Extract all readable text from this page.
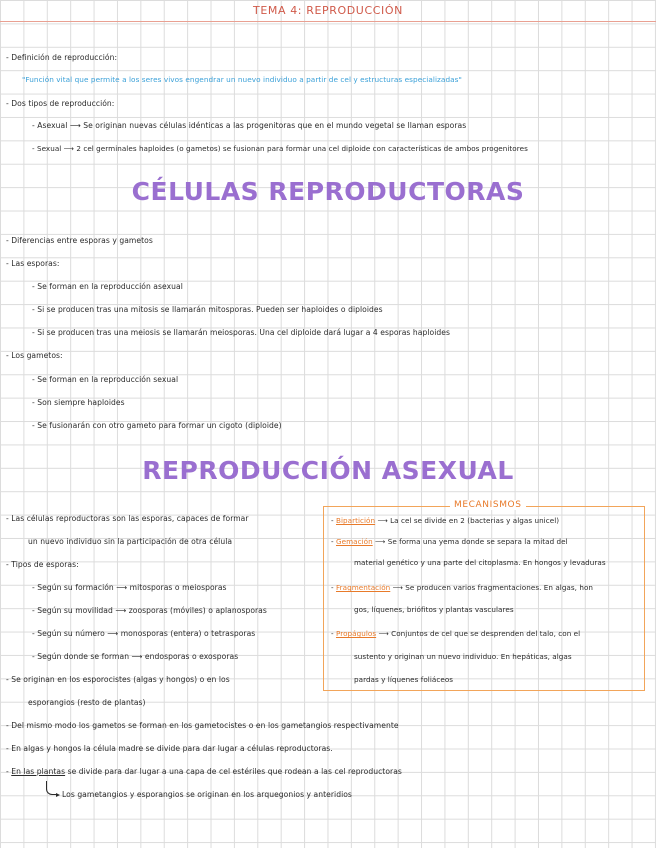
TEMA 4: REPRODUCCIÓN
- Definición de reproducción:
"Función vital que permite a los seres vivos engendrar un nuevo individuo a partir de cel y estructuras especializadas"
- Dos tipos de reproducción:
- Asexual ⟶ Se originan nuevas células idénticas a las progenitoras que en el mundo vegetal se llaman esporas
- Sexual ⟶ 2 cel germinales haploides (o gametos) se fusionan para formar una cel diploide con características de ambos progenitores
CÉLULAS REPRODUCTORAS
- Diferencias entre esporas y gametos
- Las esporas:
- Se forman en la reproducción asexual
- Si se producen tras una mitosis se llamarán mitosporas. Pueden ser haploides o diploides
- Si se producen tras una meiosis se llamarán meiosporas. Una cel diploide dará lugar a 4 esporas haploides
- Los gametos:
- Se forman en la reproducción sexual
- Son siempre haploides
- Se fusionarán con otro gameto para formar un cigoto (diploide)
REPRODUCCIÓN ASEXUAL
- Las células reproductoras son las esporas, capaces de formar
un nuevo individuo sin la participación de otra célula
- Tipos de esporas:
- Según su formación ⟶ mitosporas o meiosporas
- Según su movilidad ⟶ zoosporas (móviles) o aplanosporas
- Según su número ⟶ monosporas (entera) o tetrasporas
- Según donde se forman ⟶ endosporas o exosporas
- Se originan en los esporocistes (algas y hongos) o en los
esporangios (resto de plantas)
MECANISMOS
- Bipartición ⟶ La cel se divide en 2 (bacterias y algas unicel)
- Gemación ⟶ Se forma una yema donde se separa la mitad del
material genético y una parte del citoplasma. En hongos y levaduras
- Fragmentación ⟶ Se producen varios fragmentaciones. En algas, hon
gos, líquenes, briófitos y plantas vasculares
- Propágulos ⟶ Conjuntos de cel que se desprenden del talo, con el
sustento y originan un nuevo individuo. En hepáticas, algas
pardas y líquenes foliáceos
- Del mismo modo los gametos se forman en los gametocistes o en los gametangios respectivamente
- En algas y hongos la célula madre se divide para dar lugar a células reproductoras.
- En las plantas se divide para dar lugar a una capa de cel estériles que rodean a las cel reproductoras
Los gametangios y esporangios se originan en los arquegonios y anteridios
